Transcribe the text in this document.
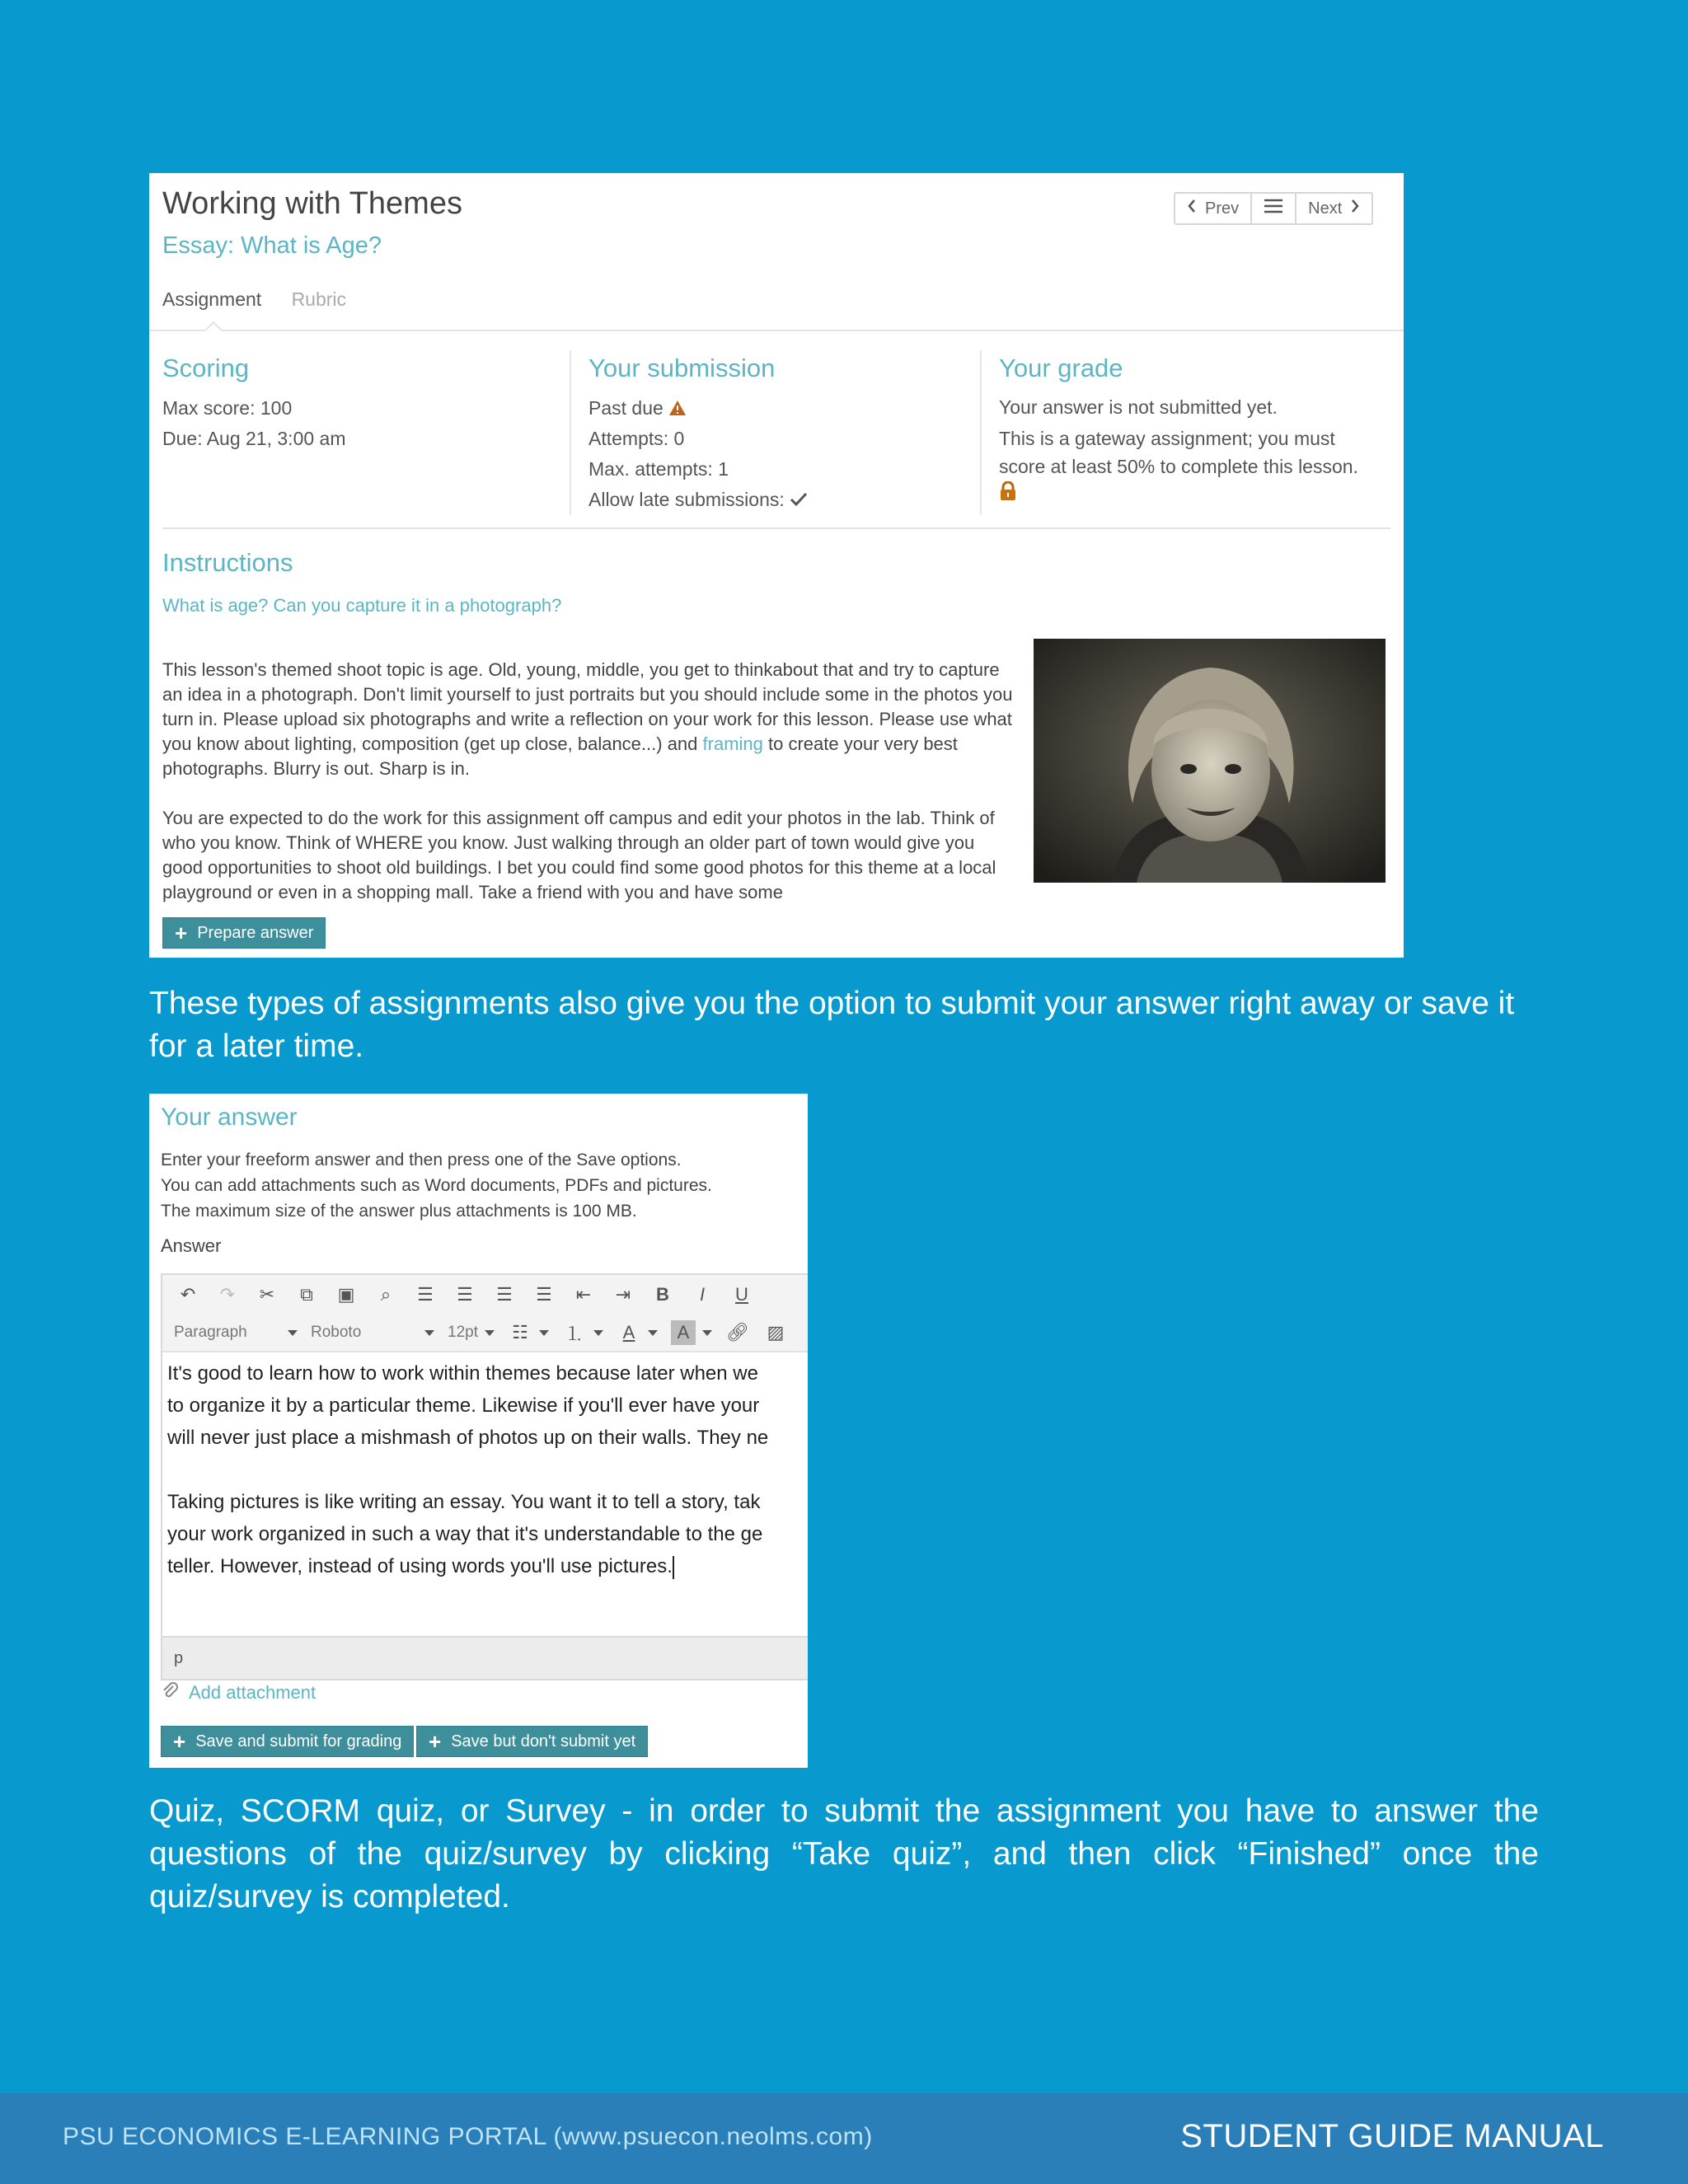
Working with Themes
Essay: What is Age?
Prev	Next
Assignment Rubric
Scoring
Max score: 100
Due: Aug 21, 3:00 am
Your submission
Past due
Attempts: 0
Max. attempts: 1
Allow late submissions:
Your grade
Your answer is not submitted yet.
This is a gateway assignment; you must
score at least 50% to complete this lesson.
Instructions
What is age? Can you capture it in a photograph?

This lesson's themed shoot topic is age. Old, young, middle, you get to thinkabout that and try to capture an idea in a photograph. Don't limit yourself to just portraits but you should include some in the photos you turn in. Please upload six photographs and write a reflection on your work for this lesson. Please use what you know about lighting, composition (get up close, balance...) and framing to create your very best photographs. Blurry is out. Sharp is in.

You are expected to do the work for this assignment off campus and edit your photos in the lab. Think of who you know. Think of WHERE you know. Just walking through an older part of town would give you good opportunities to shoot old buildings. I bet you could find some good photos for this theme at a local playground or even in a shopping mall. Take a friend with you and have some

+ Prepare answer
These types of assignments also give you the option to submit your answer right away or save it for a later time.
Your answer
Enter your freeform answer and then press one of the Save options.
You can add attachments such as Word documents, PDFs and pictures.
The maximum size of the answer plus attachments is 100 MB.
Answer
↶ ↷ ✂	⧉	▣	⌕	☰ ☰ ☰ ☰ ⇤ ⇥	B	I	U
Paragraph	Roboto	12pt ☷ ⒈	A	A	🔗︎ ▨

It's good to learn how to work within themes because later when we

to organize it by a particular theme. Likewise if you'll ever have your

will never just place a mishmash of photos up on their walls. They ne

Taking pictures is like writing an essay. You want it to tell a story, tak

your work organized in such a way that it's understandable to the ge

teller. However, instead of using words you'll use pictures.

p
Add attachment
+ Save and submit for grading + Save but don't submit yet
Quiz, SCORM quiz, or Survey - in order to submit the assignment you have to answer the questions of the quiz/survey by clicking “Take quiz”, and then click “Finished” once the quiz/survey is completed.
PSU ECONOMICS E-LEARNING PORTAL (www.psuecon.neolms.com)	STUDENT GUIDE MANUAL
